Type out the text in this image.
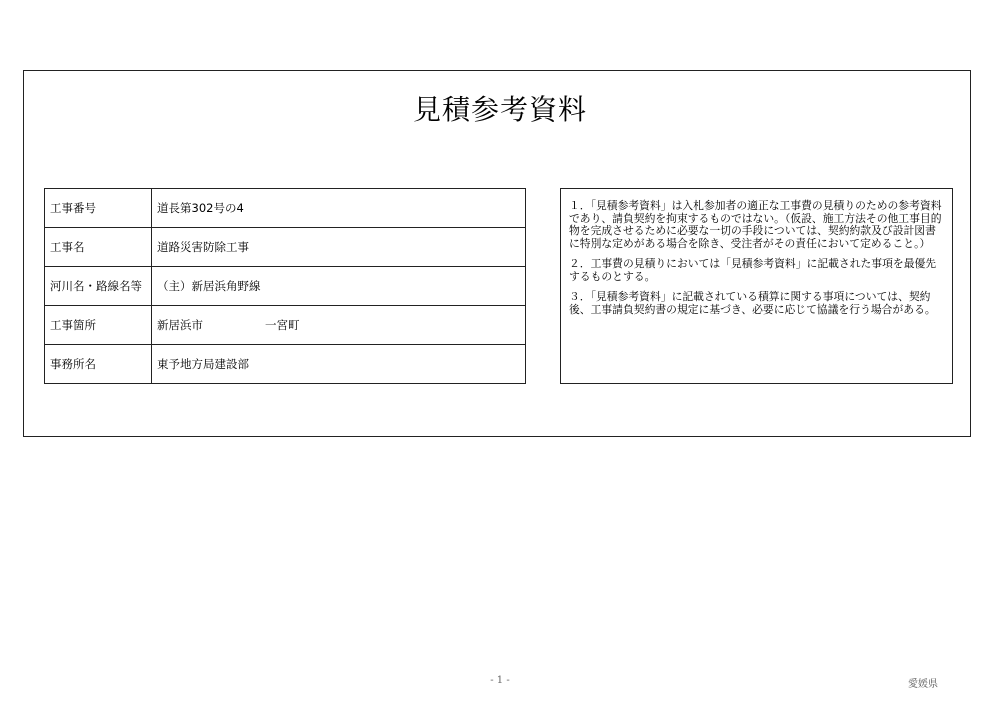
見積参考資料
工事番号	道長第302号の4
工事名	道路災害防除工事
河川名・路線名等	（主）新居浜角野線
工事箇所	新居浜市 一宮町
事務所名	東予地方局建設部

１．「見積参考資料」は入札参加者の適正な工事費の見積りのための参考資料であり、請負契約を拘束するものではない。（仮設、施工方法その他工事目的物を完成させるために必要な一切の手段については、契約約款及び設計図書に特別な定めがある場合を除き、受注者がその責任において定めること。）

２．工事費の見積りにおいては「見積参考資料」に記載された事項を最優先するものとする。

３．「見積参考資料」に記載されている積算に関する事項については、契約後、工事請負契約書の規定に基づき、必要に応じて協議を行う場合がある。

- 1 -	愛媛県
